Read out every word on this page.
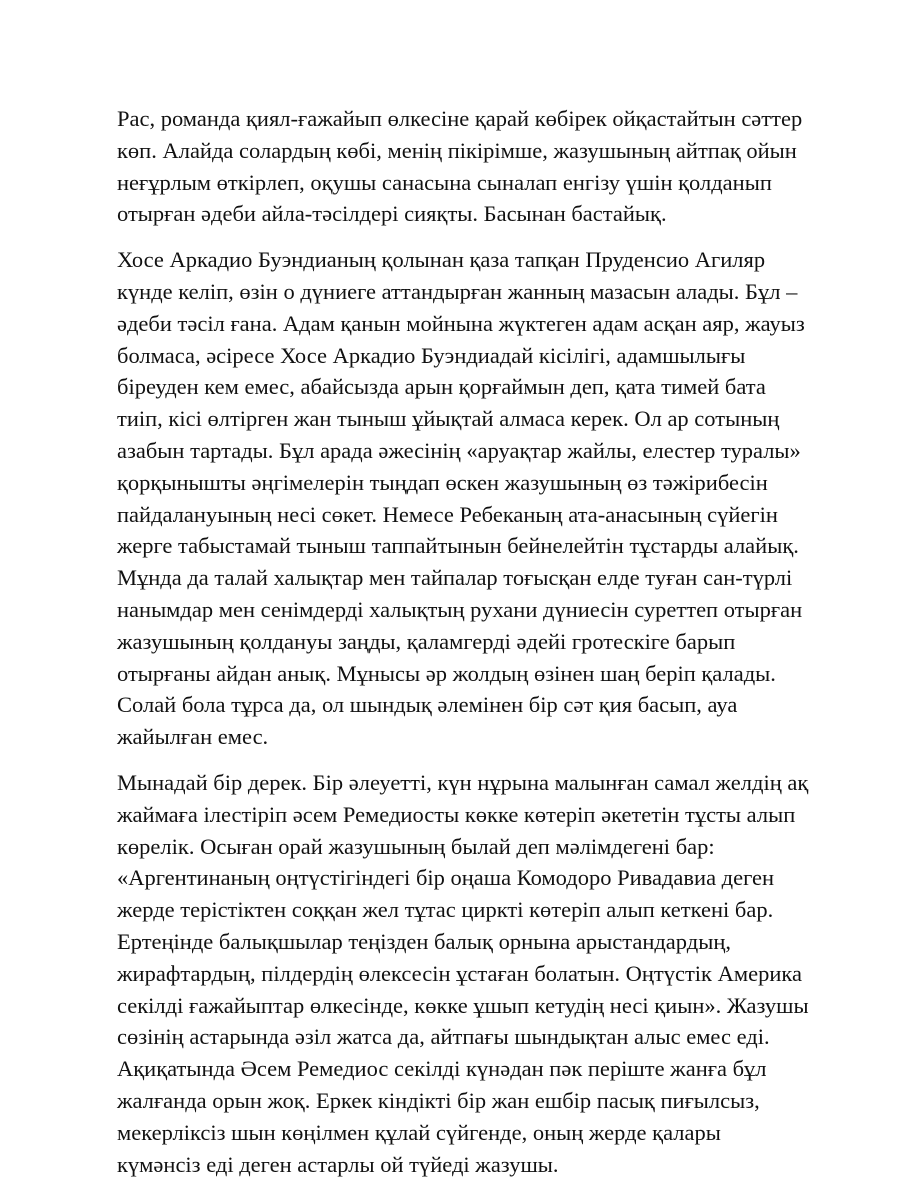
Рас, романда қиял-ғажайып өлкесіне қарай көбірек ойқастайтын сәттер
көп. Алайда солардың көбі, менің пікірімше, жазушының айтпақ ойын
неғұрлым өткірлеп, оқушы санасына сыналап енгізу үшін қолданып
отырған әдеби айла-тәсілдері сияқты. Басынан бастайық.

Хосе Аркадио Буэндианың қолынан қаза тапқан Пруденсио Агиляр
күнде келіп, өзін о дүниеге аттандырған жанның мазасын алады. Бұл –
әдеби тәсіл ғана. Адам қанын мойнына жүктеген адам асқан аяр, жауыз
болмаса, әсіресе Хосе Аркадио Буэндиадай кісілігі, адамшылығы
біреуден кем емес, абайсызда арын қорғаймын деп, қата тимей бата
тиіп, кісі өлтірген жан тыныш ұйықтай алмаса керек. Ол ар сотының
азабын тартады. Бұл арада әжесінің «аруақтар жайлы, елестер туралы»
қорқынышты әңгімелерін тыңдап өскен жазушының өз тәжірибесін
пайдалануының несі сөкет. Немесе Ребеканың ата-анасының сүйегін
жерге табыстамай тыныш таппайтынын бейнелейтін тұстарды алайық.
Мұнда да талай халықтар мен тайпалар тоғысқан елде туған сан-түрлі
нанымдар мен сенімдерді халықтың рухани дүниесін суреттеп отырған
жазушының қолдануы заңды, қаламгерді әдейі гротескіге барып
отырғаны айдан анық. Мұнысы әр жолдың өзінен шаң беріп қалады.
Солай бола тұрса да, ол шындық әлемінен бір сәт қия басып, ауа
жайылған емес.

Мынадай бір дерек. Бір әлеуетті, күн нұрына малынған самал желдің ақ
жаймаға ілестіріп әсем Ремедиосты көкке көтеріп әкететін тұсты алып
көрелік. Осыған орай жазушының былай деп мәлімдегені бар:
«Аргентинаның оңтүстігіндегі бір оңаша Комодоро Ривадавиа деген
жерде терістіктен соққан жел тұтас циркті көтеріп алып кеткені бар.
Ертеңінде балықшылар теңізден балық орнына арыстандардың,
жирафтардың, пілдердің өлексесін ұстаған болатын. Оңтүстік Америка
секілді ғажайыптар өлкесінде, көкке ұшып кетудің несі қиын». Жазушы
сөзінің астарында әзіл жатса да, айтпағы шындықтан алыс емес еді.
Ақиқатында Әсем Ремедиос секілді күнәдан пәк періште жанға бұл
жалғанда орын жоқ. Еркек кіндікті бір жан ешбір пасық пиғылсыз,
мекерліксіз шын көңілмен құлай сүйгенде, оның жерде қалары
күмәнсіз еді деген астарлы ой түйеді жазушы.
